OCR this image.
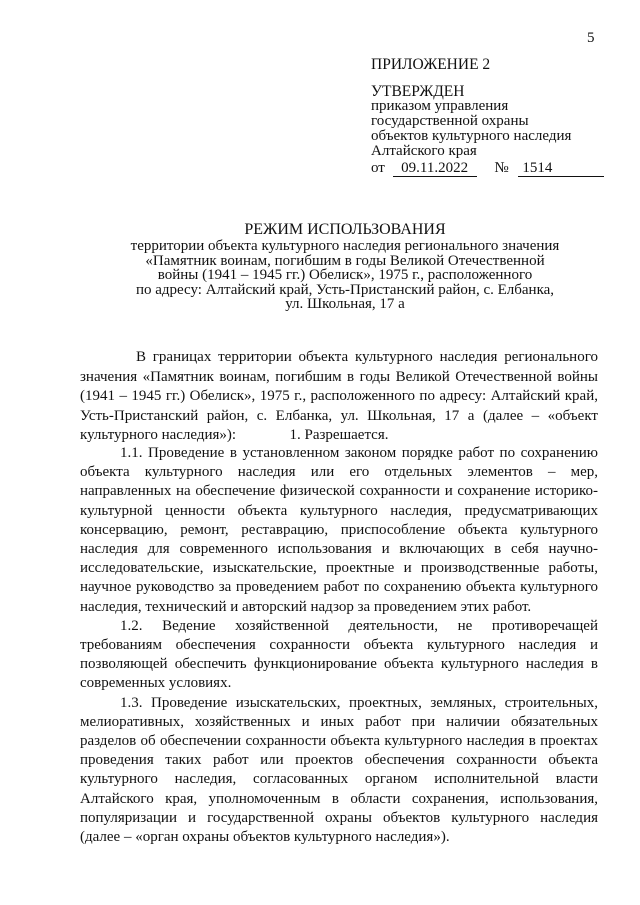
5
ПРИЛОЖЕНИЕ 2
УТВЕРЖДЕН
приказом управления
государственной охраны
объектов культурного наследия
Алтайского края
от 09.11.2022 № 1514
РЕЖИМ ИСПОЛЬЗОВАНИЯ
территории объекта культурного наследия регионального значения
«Памятник воинам, погибшим в годы Великой Отечественной
войны (1941 – 1945 гг.) Обелиск», 1975 г., расположенного
по адресу: Алтайский край, Усть-Пристанский район, с. Елбанка,
ул. Школьная, 17 а

В границах территории объекта культурного наследия регионального значения «Памятник воинам, погибшим в годы Великой Отечественной войны (1941 – 1945 гг.) Обелиск», 1975 г., расположенного по адресу: Алтайский край, Усть-Пристанский район, с. Елбанка, ул. Школьная, 17 а (далее – «объект культурного наследия»):	1. Разрешается.

1.1. Проведение в установленном законом порядке работ по сохранению объекта культурного наследия или его отдельных элементов – мер, направленных на обеспечение физической сохранности и сохранение историко-культурной ценности объекта культурного наследия, предусматривающих консервацию, ремонт, реставрацию, приспособление объекта культурного наследия для современного использования и включающих в себя научно-исследовательские, изыскательские, проектные и производственные работы, научное руководство за проведением работ по сохранению объекта культурного наследия, технический и авторский надзор за проведением этих работ.

1.2. Ведение хозяйственной деятельности, не противоречащей требованиям обеспечения сохранности объекта культурного наследия и позволяющей обеспечить функционирование объекта культурного наследия в современных условиях.

1.3. Проведение изыскательских, проектных, земляных, строительных, мелиоративных, хозяйственных и иных работ при наличии обязательных разделов об обеспечении сохранности объекта культурного наследия в проектах проведения таких работ или проектов обеспечения сохранности объекта культурного наследия, согласованных органом исполнительной власти Алтайского края, уполномоченным в области сохранения, использования, популяризации и государственной охраны объектов культурного наследия (далее – «орган охраны объектов культурного наследия»).
